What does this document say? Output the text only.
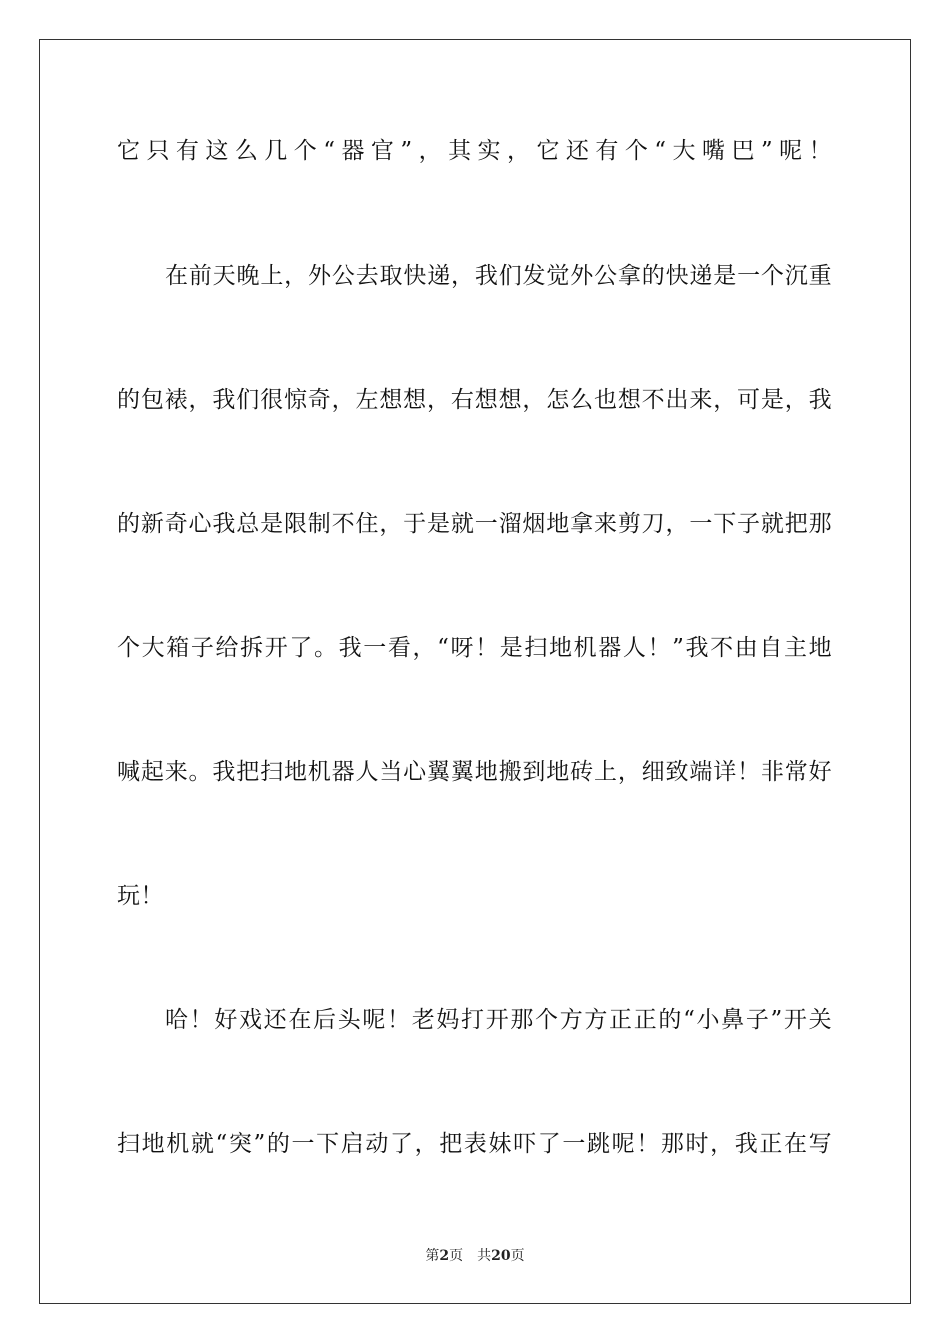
它只有这么几个“器官”，其实，它还有个“大嘴巴”呢！
在前天晚上，外公去取快递，我们发觉外公拿的快递是一个沉重
的包裱，我们很惊奇，左想想，右想想，怎么也想不出来，可是，我
的新奇心我总是限制不住，于是就一溜烟地拿来剪刀，一下子就把那
个大箱子给拆开了。我一看，“呀！是扫地机器人！”我不由自主地
喊起来。我把扫地机器人当心翼翼地搬到地砖上，细致端详！非常好
玩！
哈！好戏还在后头呢！老妈打开那个方方正正的“小鼻子”开关
扫地机就“突”的一下启动了，把表妹吓了一跳呢！那时，我正在写
第2页 共20页
